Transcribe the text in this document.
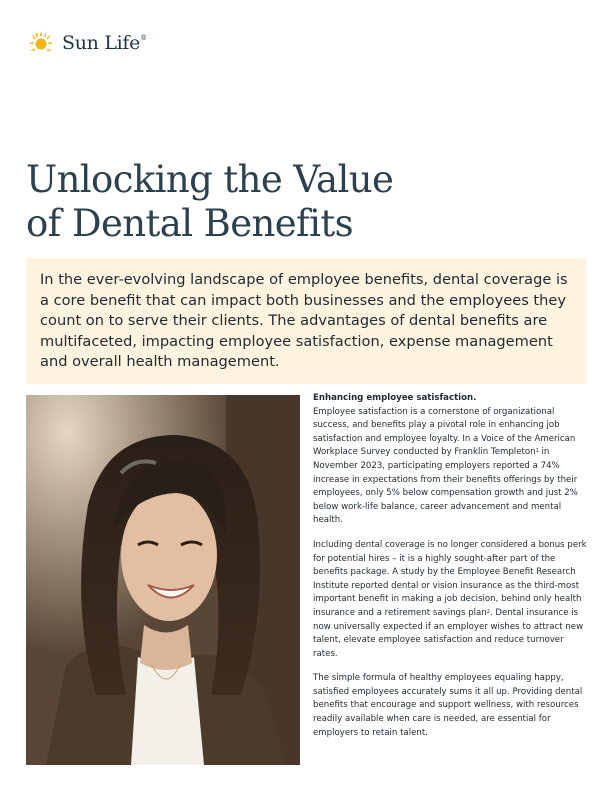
Sun Life®
Unlocking the Value
of Dental Benefits

In the ever-evolving landscape of employee benefits, dental coverage is a core benefit that can impact both businesses and the employees they count on to serve their clients. The advantages of dental benefits are multifaceted, impacting employee satisfaction, expense management and overall health management.

Enhancing employee satisfaction.

Employee satisfaction is a cornerstone of organizational success, and benefits play a pivotal role in enhancing job satisfaction and employee loyalty. In a Voice of the American Workplace Survey conducted by Franklin Templeton$^1$ in November 2023, participating employers reported a 74% increase in expectations from their benefits offerings by their employees, only 5% below compensation growth and just 2% below work-life balance, career advancement and mental health.

Including dental coverage is no longer considered a bonus perk for potential hires – it is a highly sought-after part of the benefits package. A study by the Employee Benefit Research Institute reported dental or vision insurance as the third-most important benefit in making a job decision, behind only health insurance and a retirement savings plan$^2$. Dental insurance is now universally expected if an employer wishes to attract new talent, elevate employee satisfaction and reduce turnover rates.

The simple formula of healthy employees equaling happy, satisfied employees accurately sums it all up. Providing dental benefits that encourage and support wellness, with resources readily available when care is needed, are essential for employers to retain talent.
